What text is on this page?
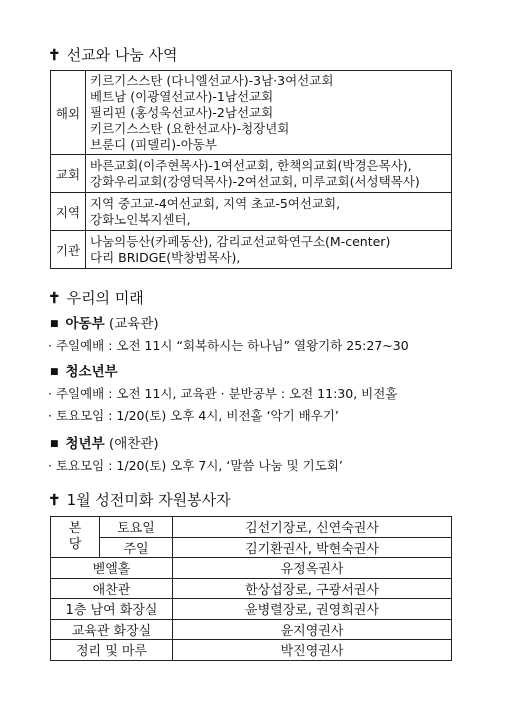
✝ 선교와 나눔 사역
해외	키르기스스탄 (다니엘선교사)-3남·3여선교회
베트남 (이광열선교사)-1남선교회
필리핀 (홍성욱선교사)-2남선교회
키르기스스탄 (요한선교사)-청장년회
브룬디 (피델리)-아동부

교회	바른교회(이주현목사)-1여선교회, 한책의교회(박경은목사),
강화우리교회(강영덕목사)-2여선교회, 미루교회(서성택목사)

지역	지역 중고교-4여선교회, 지역 초교-5여선교회,
강화노인복지센터,

기관	나눔의등산(카페동산), 감리교선교학연구소(M-center)
다리 BRIDGE(박창범목사),
✝ 우리의 미래
■ 아동부 (교육관)
· 주일예배 : 오전 11시 “회복하시는 하나님” 열왕기하 25:27~30
■ 청소년부
· 주일예배 : 오전 11시, 교육관 · 분반공부 : 오전 11:30, 비전홀
· 토요모임 : 1/20(토) 오후 4시, 비전홀 ‘악기 배우기’
■ 청년부 (애찬관)
· 토요모임 : 1/20(토) 오후 7시, ‘말씀 나눔 및 기도회’
✝ 1월 성전미화 자원봉사자
본
당	토요일	김선기장로, 신연숙권사
	주일	김기환권사, 박현숙권사
벧엘홀		유정옥권사
애찬관		한상섭장로, 구광서권사
1층 남여 화장실		윤병렬장로, 권영희권사
교육관 화장실		윤지영권사
정리 및 마루		박진영권사
